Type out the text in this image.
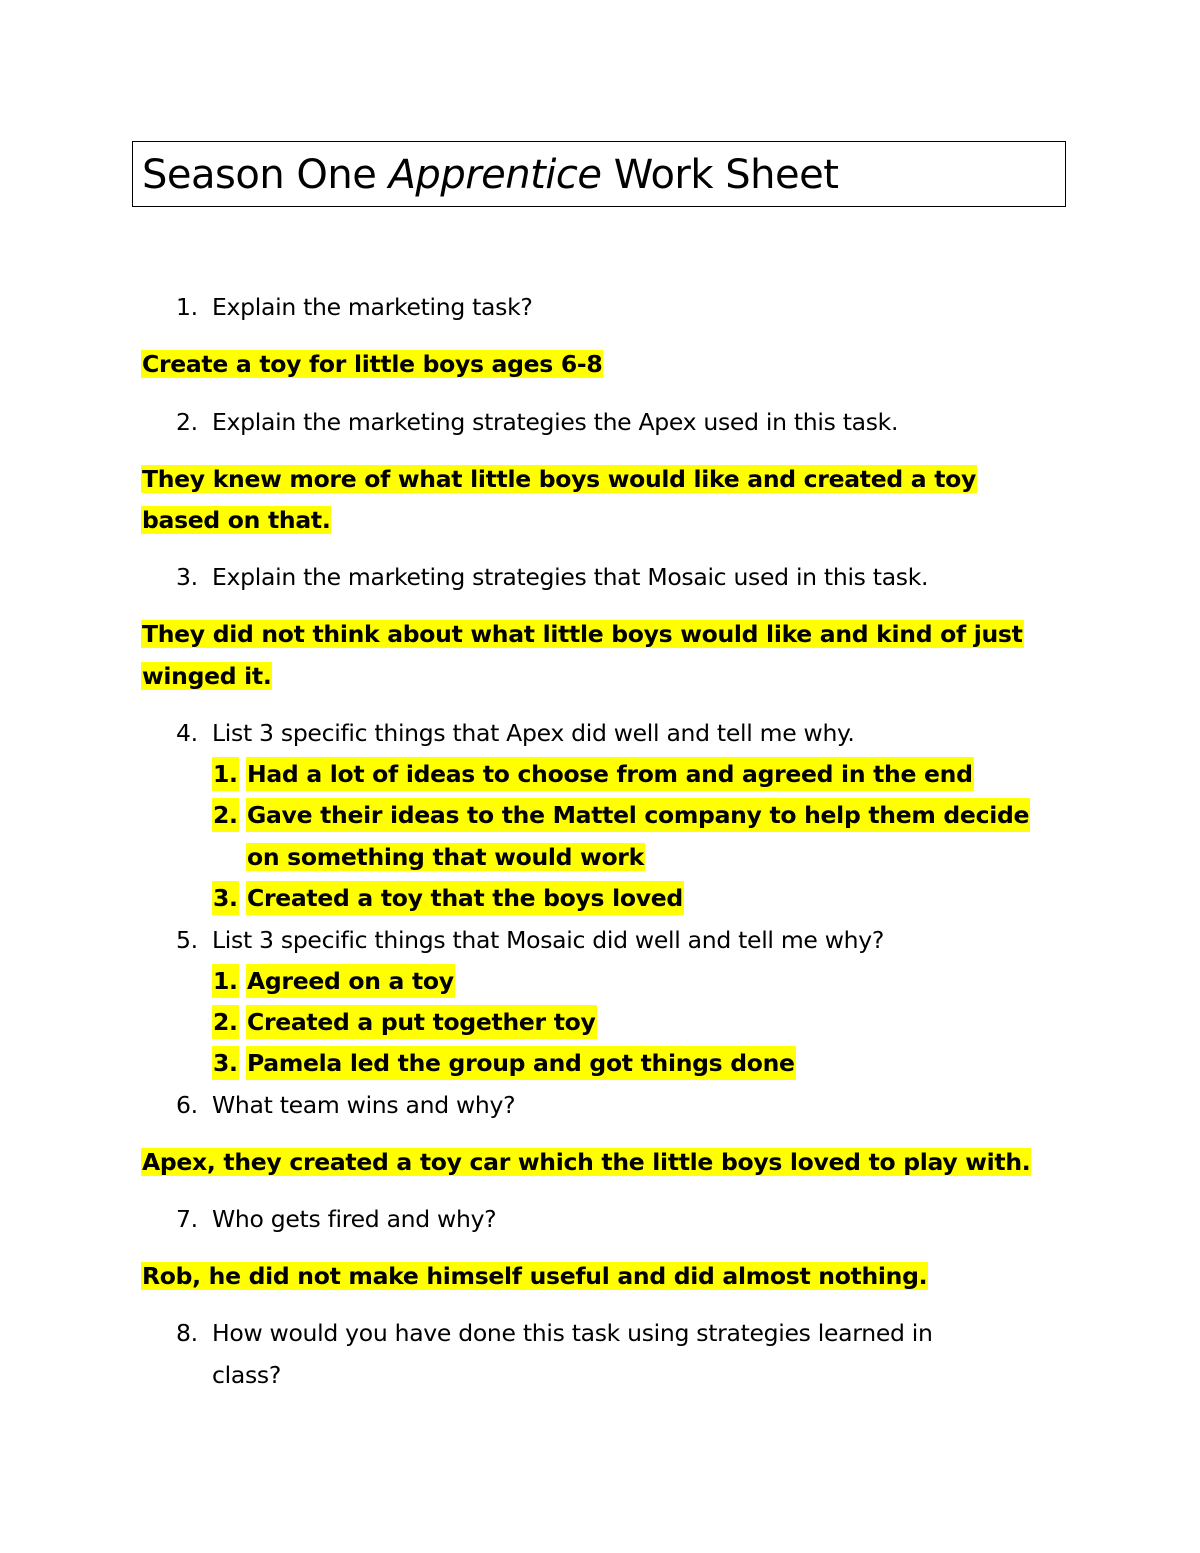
Season One Apprentice Work Sheet
1. Explain the marketing task?
Create a toy for little boys ages 6-8
2. Explain the marketing strategies the Apex used in this task.
They knew more of what little boys would like and created a toy
based on that.
3. Explain the marketing strategies that Mosaic used in this task.
They did not think about what little boys would like and kind of just
winged it.
4. List 3 specific things that Apex did well and tell me why.
1. Had a lot of ideas to choose from and agreed in the end
2. Gave their ideas to the Mattel company to help them decide
on something that would work
3. Created a toy that the boys loved
5. List 3 specific things that Mosaic did well and tell me why?
1. Agreed on a toy
2. Created a put together toy
3. Pamela led the group and got things done
6. What team wins and why?
Apex, they created a toy car which the little boys loved to play with.
7. Who gets fired and why?
Rob, he did not make himself useful and did almost nothing.
8. How would you have done this task using strategies learned in
class?
